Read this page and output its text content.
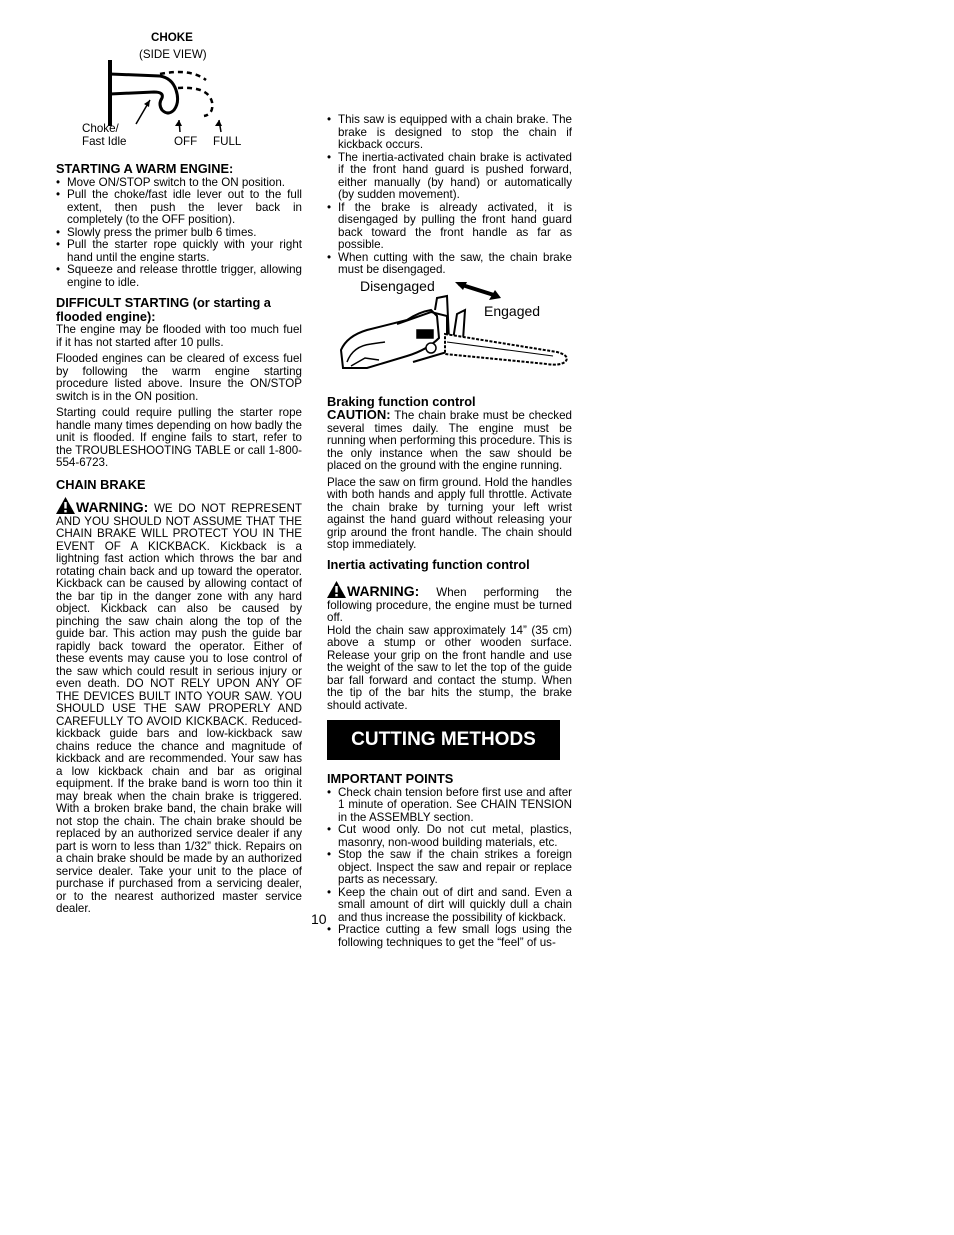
CHOKE
(SIDE VIEW)
Choke/
Fast Idle	OFF FULL
STARTING A WARM ENGINE:
• Move ON/STOP switch to the ON position.
• Pull the choke/fast idle lever out to the full extent, then push the lever back in completely (to the OFF position).
• Slowly press the primer bulb 6 times.
• Pull the starter rope quickly with your right hand until the engine starts.
• Squeeze and release throttle trigger, allowing engine to idle.
DIFFICULT STARTING (or starting a flooded engine):

The engine may be flooded with too much fuel if it has not started after 10 pulls.

Flooded engines can be cleared of excess fuel by following the warm engine starting procedure listed above. Insure the ON/STOP switch is in the ON position.

Starting could require pulling the starter rope handle many times depending on how badly the unit is flooded. If engine fails to start, refer to the TROUBLESHOOTING TABLE or call 1-800-554-6723.

CHAIN BRAKE

WARNING: WE DO NOT REPRESENT AND YOU SHOULD NOT ASSUME THAT THE CHAIN BRAKE WILL PROTECT YOU IN THE EVENT OF A KICKBACK. Kickback is a lightning fast action which throws the bar and rotating chain back and up toward the operator. Kickback can be caused by allowing contact of the bar tip in the danger zone with any hard object. Kickback can also be caused by pinching the saw chain along the top of the guide bar. This action may push the guide bar rapidly back toward the operator. Either of these events may cause you to lose control of the saw which could result in serious injury or even death. DO NOT RELY UPON ANY OF THE DEVICES BUILT INTO YOUR SAW. YOU SHOULD USE THE SAW PROPERLY AND CAREFULLY TO AVOID KICKBACK. Reduced-kickback guide bars and low-kickback saw chains reduce the chance and magnitude of kickback and are recommended. Your saw has a low kickback chain and bar as original equipment. If the brake band is worn too thin it may break when the chain brake is triggered. With a broken brake band, the chain brake will not stop the chain. The chain brake should be replaced by an authorized service dealer if any part is worn to less than 1/32” thick. Repairs on a chain brake should be made by an authorized service dealer. Take your unit to the place of purchase if purchased from a servicing dealer, or to the nearest authorized master service dealer.

• This saw is equipped with a chain brake. The brake is designed to stop the chain if kickback occurs.
• The inertia-activated chain brake is activated if the front hand guard is pushed forward, either manually (by hand) or automatically (by sudden movement).
• If the brake is already activated, it is disengaged by pulling the front hand guard back toward the front handle as far as possible.
• When cutting with the saw, the chain brake must be disengaged.
Disengaged
Engaged
Braking function control

CAUTION: The chain brake must be checked several times daily. The engine must be running when performing this procedure. This is the only instance when the saw should be placed on the ground with the engine running.

Place the saw on firm ground. Hold the handles with both hands and apply full throttle. Activate the chain brake by turning your left wrist against the hand guard without releasing your grip around the front handle. The chain should stop immediately.

Inertia activating function control

WARNING: When performing the following procedure, the engine must be turned off.

Hold the chain saw approximately 14” (35 cm) above a stump or other wooden surface. Release your grip on the front handle and use the weight of the saw to let the top of the guide bar fall forward and contact the stump. When the tip of the bar hits the stump, the brake should activate.

CUTTING METHODS
IMPORTANT POINTS
• Check chain tension before first use and after 1 minute of operation. See CHAIN TENSION in the ASSEMBLY section.
• Cut wood only. Do not cut metal, plastics, masonry, non-wood building materials, etc.
• Stop the saw if the chain strikes a foreign object. Inspect the saw and repair or replace parts as necessary.
• Keep the chain out of dirt and sand. Even a small amount of dirt will quickly dull a chain and thus increase the possibility of kickback.
• Practice cutting a few small logs using the following techniques to get the “feel” of us-
10
